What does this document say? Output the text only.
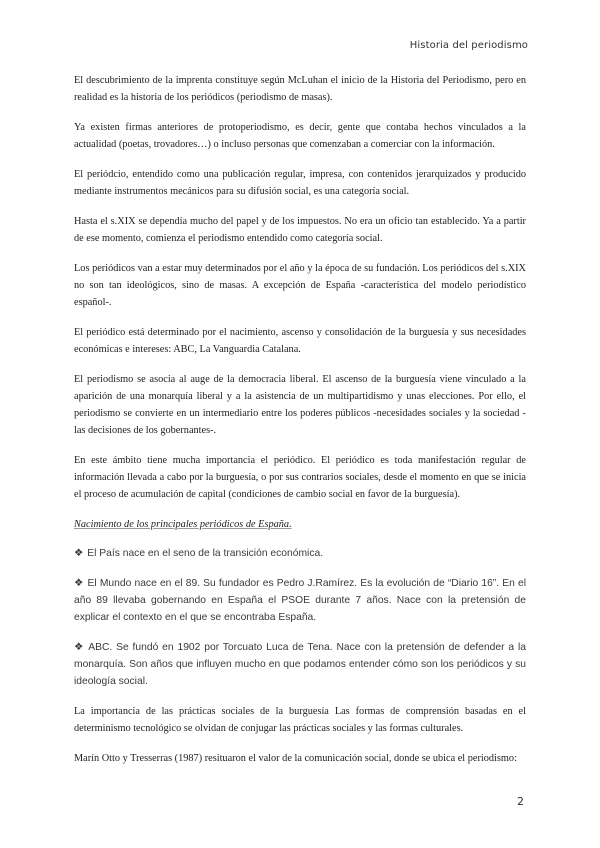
Historia del periodismo

El descubrimiento de la imprenta constituye según McLuhan el inicio de la Historia del Periodismo, pero en realidad es la historia de los periódicos (periodismo de masas).

Ya existen firmas anteriores de protoperiodismo, es decir, gente que contaba hechos vinculados a la actualidad (poetas, trovadores…) o incluso personas que comenzaban a comerciar con la información.

El periódcio, entendido como una publicación regular, impresa, con contenidos jerarquizados y producido mediante instrumentos mecánicos para su difusión social, es una categoría social.

Hasta el s.XIX se dependía mucho del papel y de los impuestos. No era un oficio tan establecido. Ya a partir de ese momento, comienza el periodismo entendido como categoría social.

Los periódicos van a estar muy determinados por el año y la época de su fundación. Los periódicos del s.XIX no son tan ideológicos, sino de masas. A excepción de España -característica del modelo periodístico español-.

El periódico está determinado por el nacimiento, ascenso y consolidación de la burguesía y sus necesidades económicas e intereses: ABC, La Vanguardia Catalana.

El periodismo se asocia al auge de la democracia liberal. El ascenso de la burguesía viene vinculado a la aparición de una monarquía liberal y a la asistencia de un multipartidismo y unas elecciones. Por ello, el periodismo se convierte en un intermediario entre los poderes públicos -necesidades sociales y la sociedad -las decisiones de los gobernantes-.

En este ámbito tiene mucha importancia el periódico. El periódico es toda manifestación regular de información llevada a cabo por la burguesía, o por sus contrarios sociales, desde el momento en que se inicia el proceso de acumulación de capital (condiciones de cambio social en favor de la burguesía).

Nacimiento de los principales periódicos de España.

❖ El País nace en el seno de la transición económica.

❖ El Mundo nace en el 89. Su fundador es Pedro J.Ramírez. Es la evolución de “Diario 16”. En el año 89 llevaba gobernando en España el PSOE durante 7 años. Nace con la pretensión de explicar el contexto en el que se encontraba España.

❖ ABC. Se fundó en 1902 por Torcuato Luca de Tena. Nace con la pretensión de defender a la monarquía. Son años que influyen mucho en que podamos entender cómo son los periódicos y su ideología social.

La importancia de las prácticas sociales de la burguesía Las formas de comprensión basadas en el determinismo tecnológico se olvidan de conjugar las prácticas sociales y las formas culturales.

Marín Otto y Tresserras (1987) resituaron el valor de la comunicación social, donde se ubica el periodismo:

2
